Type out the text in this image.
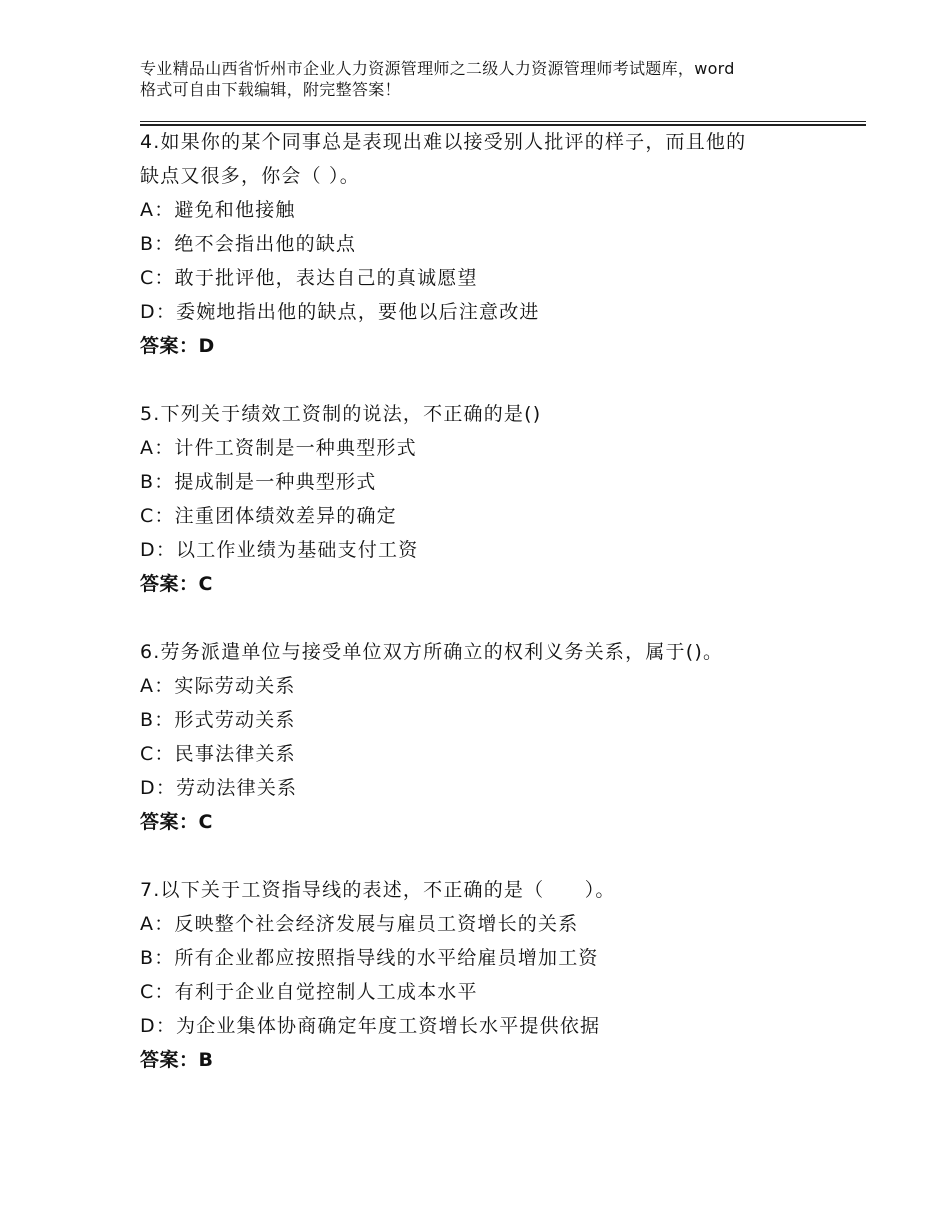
专业精品山西省忻州市企业人力资源管理师之二级人力资源管理师考试题库，word
格式可自由下载编辑，附完整答案！
4.如果你的某个同事总是表现出难以接受别人批评的样子，而且他的
缺点又很多，你会（ ）。
A：避免和他接触
B：绝不会指出他的缺点
C：敢于批评他，表达自己的真诚愿望
D：委婉地指出他的缺点，要他以后注意改进
答案：D
5.下列关于绩效工资制的说法，不正确的是()
A：计件工资制是一种典型形式
B：提成制是一种典型形式
C：注重团体绩效差异的确定
D：以工作业绩为基础支付工资
答案：C
6.劳务派遣单位与接受单位双方所确立的权利义务关系，属于()。
A：实际劳动关系
B：形式劳动关系
C：民事法律关系
D：劳动法律关系
答案：C
7.以下关于工资指导线的表述，不正确的是（　　）。
A：反映整个社会经济发展与雇员工资增长的关系
B：所有企业都应按照指导线的水平给雇员增加工资
C：有利于企业自觉控制人工成本水平
D：为企业集体协商确定年度工资增长水平提供依据
答案：B
